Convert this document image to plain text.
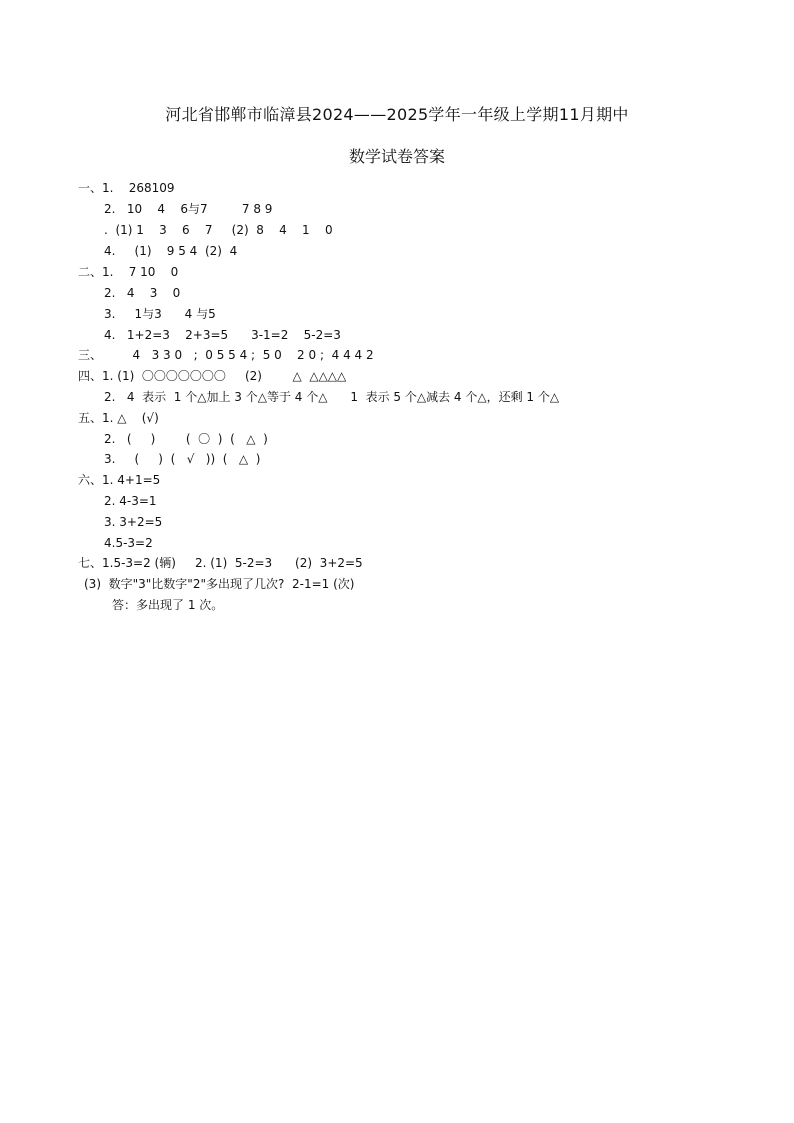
河北省邯郸市临漳县2024——2025学年一年级上学期11月期中
数学试卷答案
一、1.    268109
2.   10    4    6与7         7 8 9
.  (1) 1    3    6    7     (2)  8    4    1    0
4.     (1)    9 5 4  (2)  4
二、1.    7 10    0
2.   4    3    0
3.     1与3      4 与5
4.   1+2=3    2+3=5      3-1=2    5-2=3
三、        4   3 3 0   ;  0 5 5 4 ;  5 0    2 0 ;  4 4 4 2
四、1. (1)  〇〇〇〇〇〇〇     (2)        △  △△△△
2.   4  表示  1 个△加上 3 个△等于 4 个△      1  表示 5 个△减去 4 个△，还剩 1 个△
五、1. △    (√)
2.   (     )        (  〇  )  (   △  )
3.     (     )  (   √   ))  (   △  )
六、1. 4+1=5
2. 4-3=1
3. 3+2=5
4.5-3=2
七、1.5-3=2 (辆)     2. (1)  5-2=3      (2)  3+2=5
(3)  数字"3"比数字"2"多出现了几次?  2-1=1 (次)
答：多出现了 1 次。
